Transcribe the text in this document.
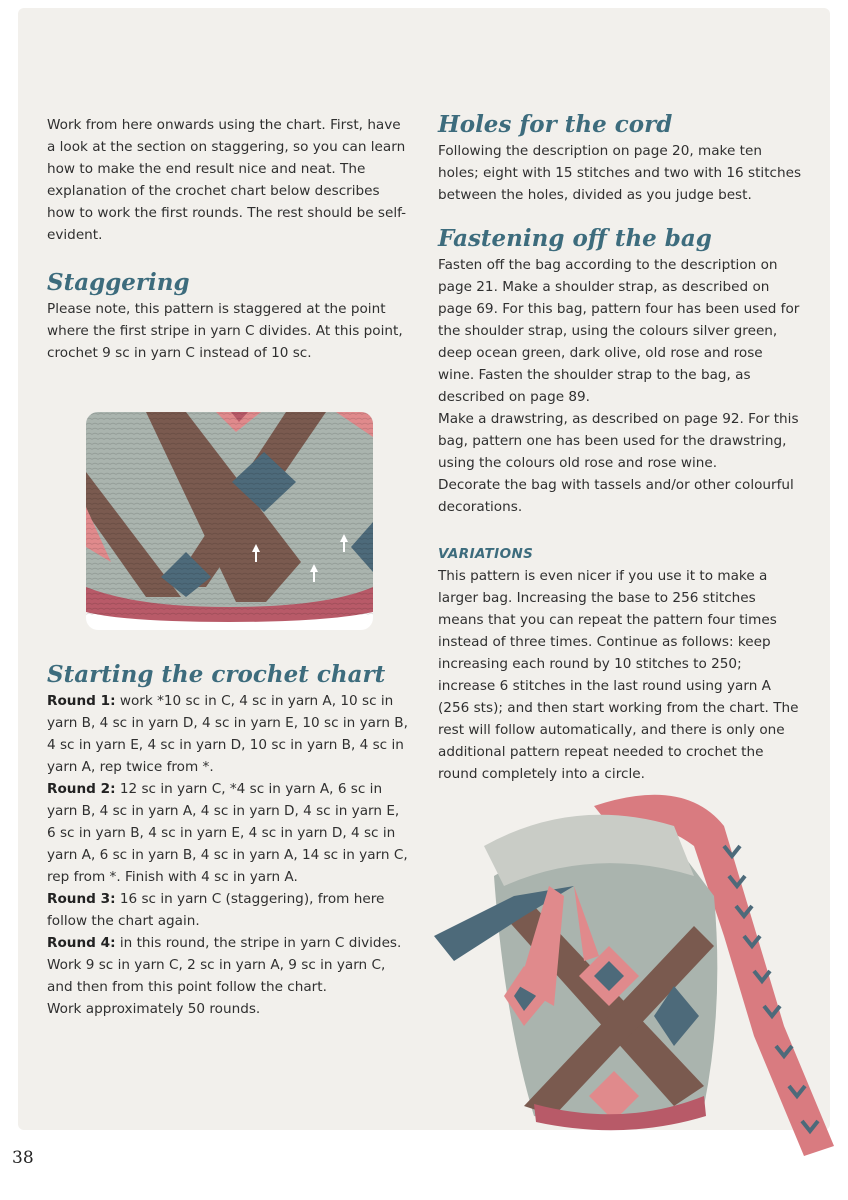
Work from here onwards using the chart. First, have a look at the section on staggering, so you can learn how to make the end result nice and neat. The explanation of the crochet chart below describes how to work the first rounds. The rest should be self-evident.

Staggering

Please note, this pattern is staggered at the point where the first stripe in yarn C divides. At this point, crochet 9 sc in yarn C instead of 10 sc.

Starting the crochet chart

Round 1: work *10 sc in C, 4 sc in yarn A, 10 sc in yarn B, 4 sc in yarn D, 4 sc in yarn E, 10 sc in yarn B, 4 sc in yarn E, 4 sc in yarn D, 10 sc in yarn B, 4 sc in yarn A, rep twice from *.

Round 2: 12 sc in yarn C, *4 sc in yarn A, 6 sc in yarn B, 4 sc in yarn A, 4 sc in yarn D, 4 sc in yarn E, 6 sc in yarn B, 4 sc in yarn E, 4 sc in yarn D, 4 sc in yarn A, 6 sc in yarn B, 4 sc in yarn A, 14 sc in yarn C, rep from *. Finish with 4 sc in yarn A.

Round 3: 16 sc in yarn C (staggering), from here follow the chart again.

Round 4: in this round, the stripe in yarn C divides. Work 9 sc in yarn C, 2 sc in yarn A, 9 sc in yarn C, and then from this point follow the chart.

Work approximately 50 rounds.

Holes for the cord

Following the description on page 20, make ten holes; eight with 15 stitches and two with 16 stitches between the holes, divided as you judge best.

Fastening off the bag

Fasten off the bag according to the description on page 21. Make a shoulder strap, as described on page 69. For this bag, pattern four has been used for the shoulder strap, using the colours silver green, deep ocean green, dark olive, old rose and rose wine. Fasten the shoulder strap to the bag, as described on page 89.

Make a drawstring, as described on page 92. For this bag, pattern one has been used for the drawstring, using the colours old rose and rose wine.

Decorate the bag with tassels and/or other colourful decorations.

VARIATIONS

This pattern is even nicer if you use it to make a larger bag. Increasing the base to 256 stitches means that you can repeat the pattern four times instead of three times. Continue as follows: keep increasing each round by 10 stitches to 250; increase 6 stitches in the last round using yarn A (256 sts); and then start working from the chart. The rest will follow automatically, and there is only one additional pattern repeat needed to crochet the round completely into a circle.

38
